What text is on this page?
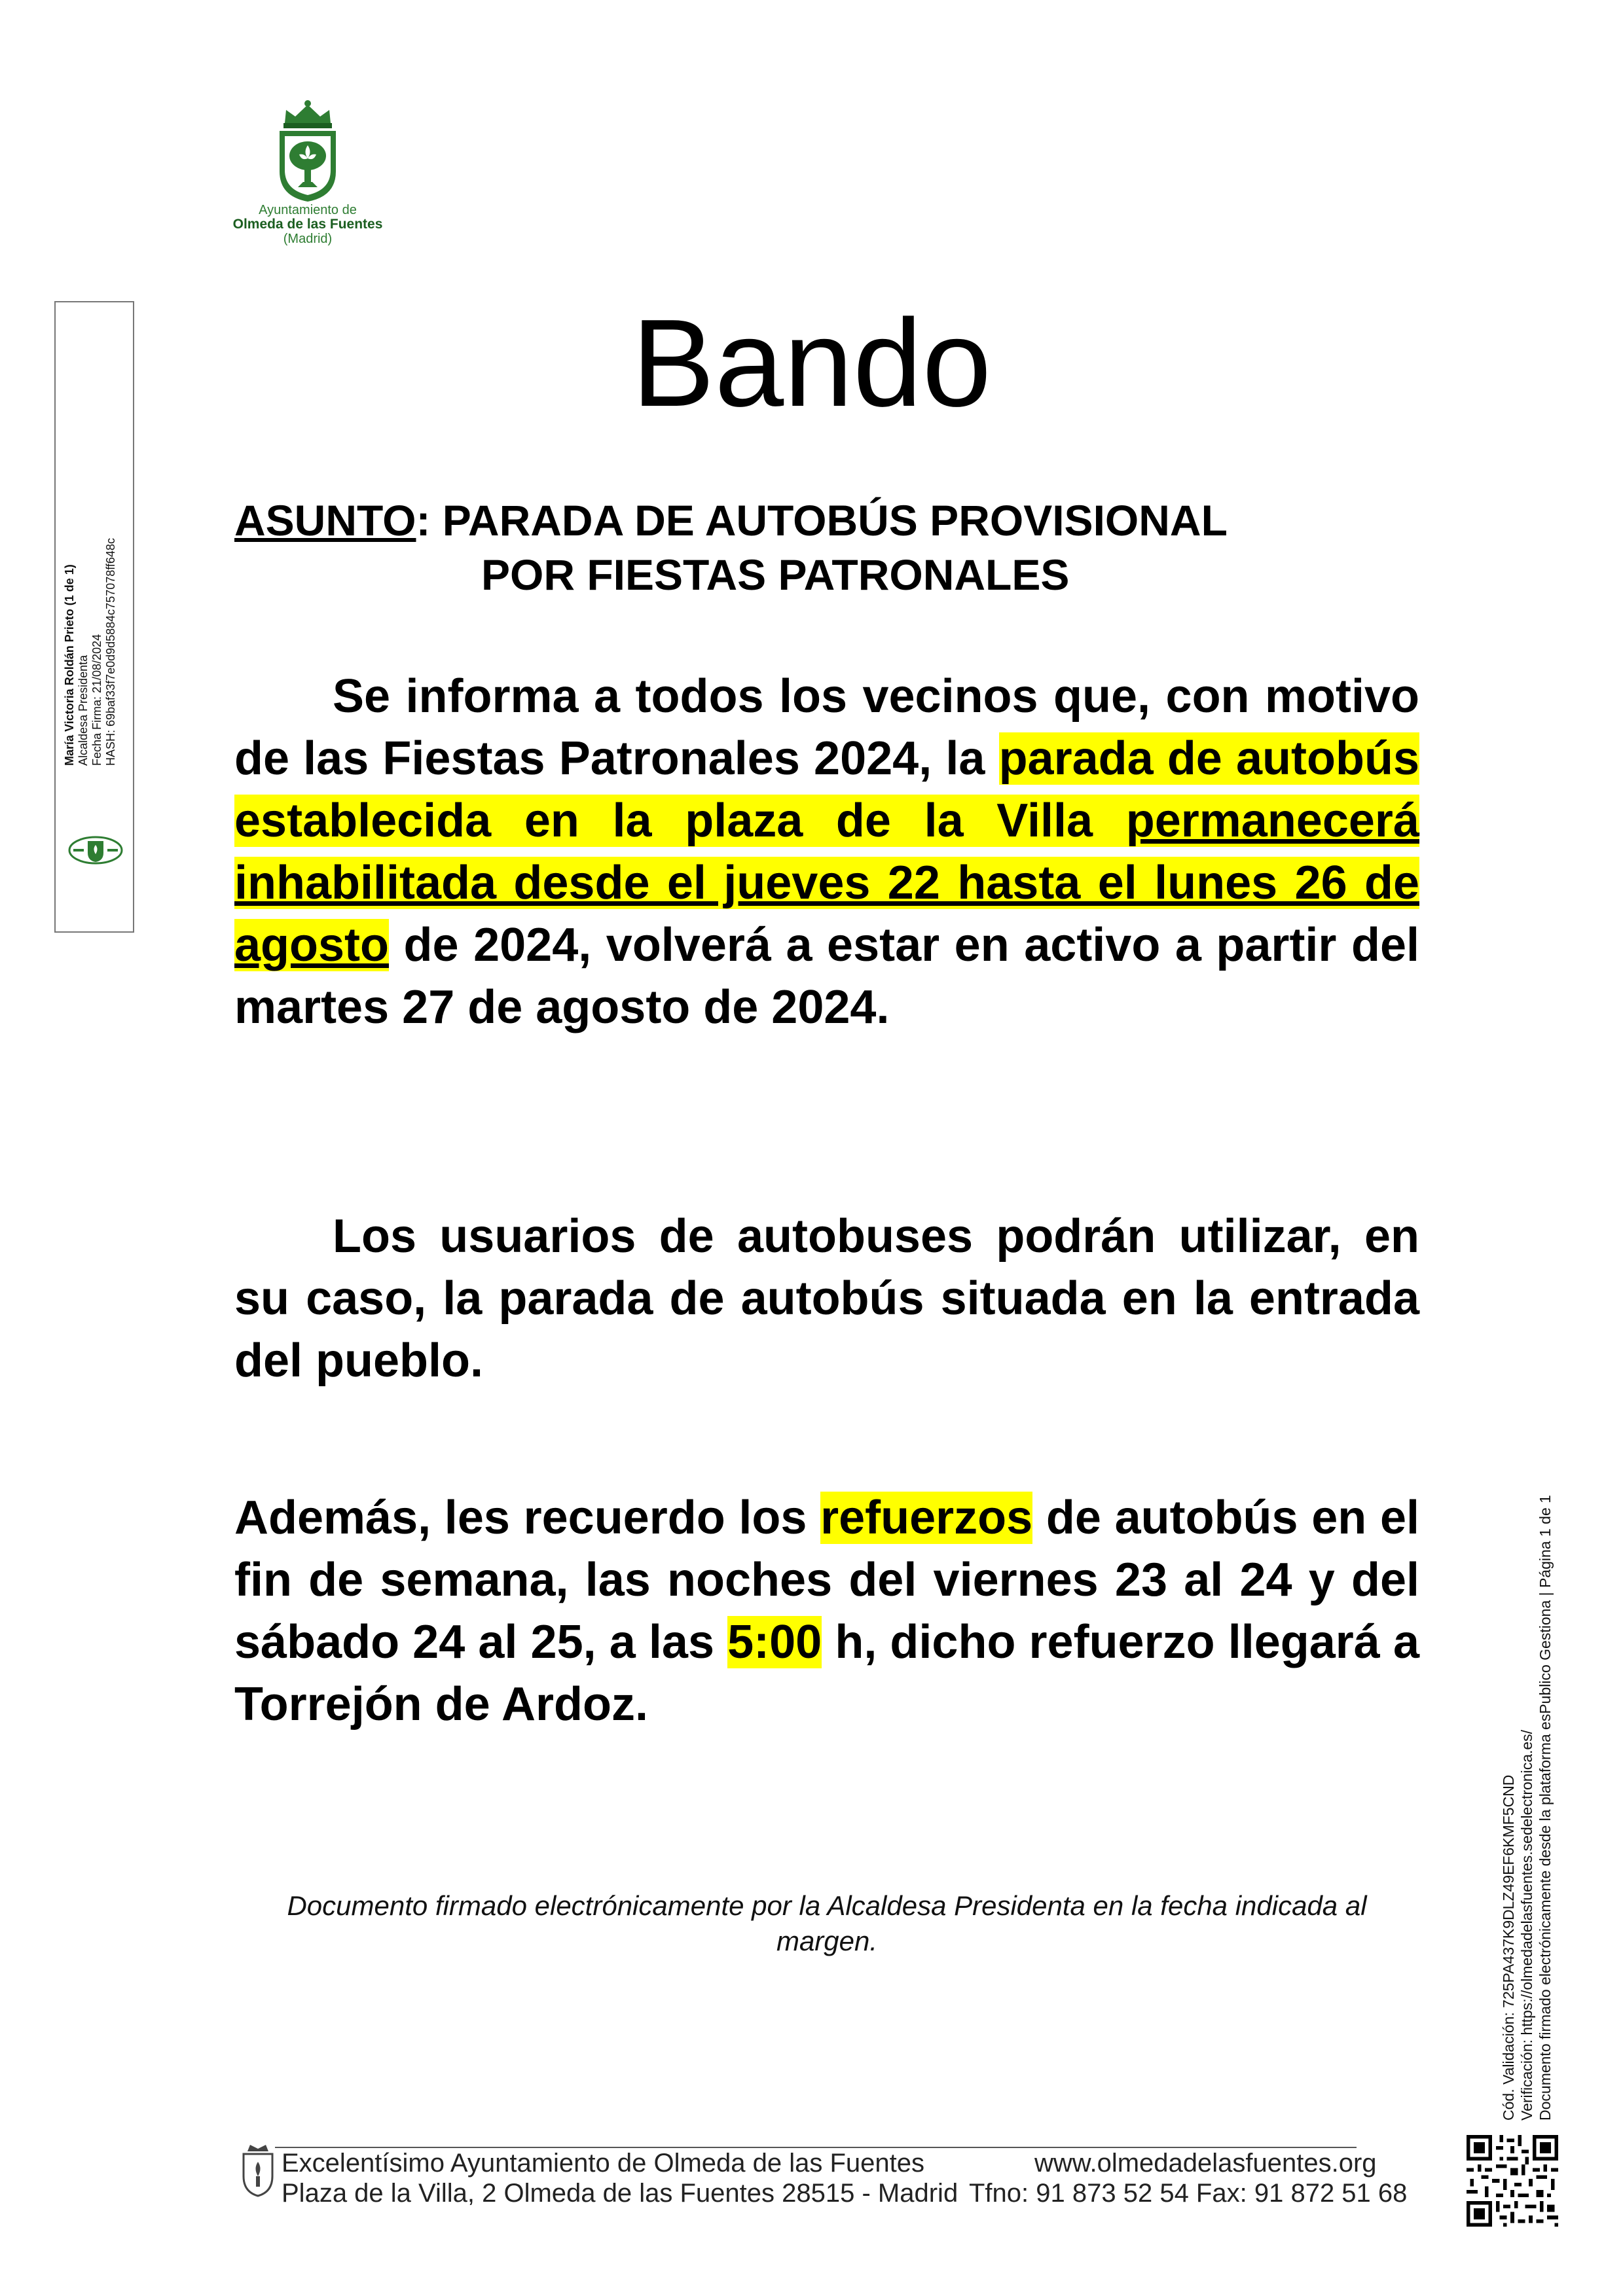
Ayuntamiento de
Olmeda de las Fuentes
(Madrid)
María Victoria Roldán Prieto (1 de 1) Alcaldesa Presidenta Fecha Firma: 21/08/2024 HASH: 69baf33f7e0d9d5884c757078ff648c
Bando
ASUNTO: PARADA DE AUTOBÚS PROVISIONAL
POR FIESTAS PATRONALES
Se informa a todos los vecinos que, con motivo de las Fiestas Patronales 2024, la parada de autobús establecida en la plaza de la Villa permanecerá inhabilitada desde el jueves 22 hasta el lunes 26 de agosto de 2024, volverá a estar en activo a partir del martes 27 de agosto de 2024.
Los usuarios de autobuses podrán utilizar, en su caso, la parada de autobús situada en la entrada del pueblo.
Además, les recuerdo los refuerzos de autobús en el fin de semana, las noches del viernes 23 al 24 y del sábado 24 al 25, a las 5:00 h, dicho refuerzo llegará a Torrejón de Ardoz.
Documento firmado electrónicamente por la Alcaldesa Presidenta en la fecha indicada al margen.
Excelentísimo Ayuntamiento de Olmeda de las Fuentes
Plaza de la Villa, 2 Olmeda de las Fuentes 28515 - Madrid
www.olmedadelasfuentes.org
Tfno: 91 873 52 54 Fax: 91 872 51 68
Cód. Validación: 725PA437K9DLZ49EF6KMF5CND Verificación: https://olmedadelasfuentes.sedelectronica.es/ Documento firmado electrónicamente desde la plataforma esPublico Gestiona | Página 1 de 1
